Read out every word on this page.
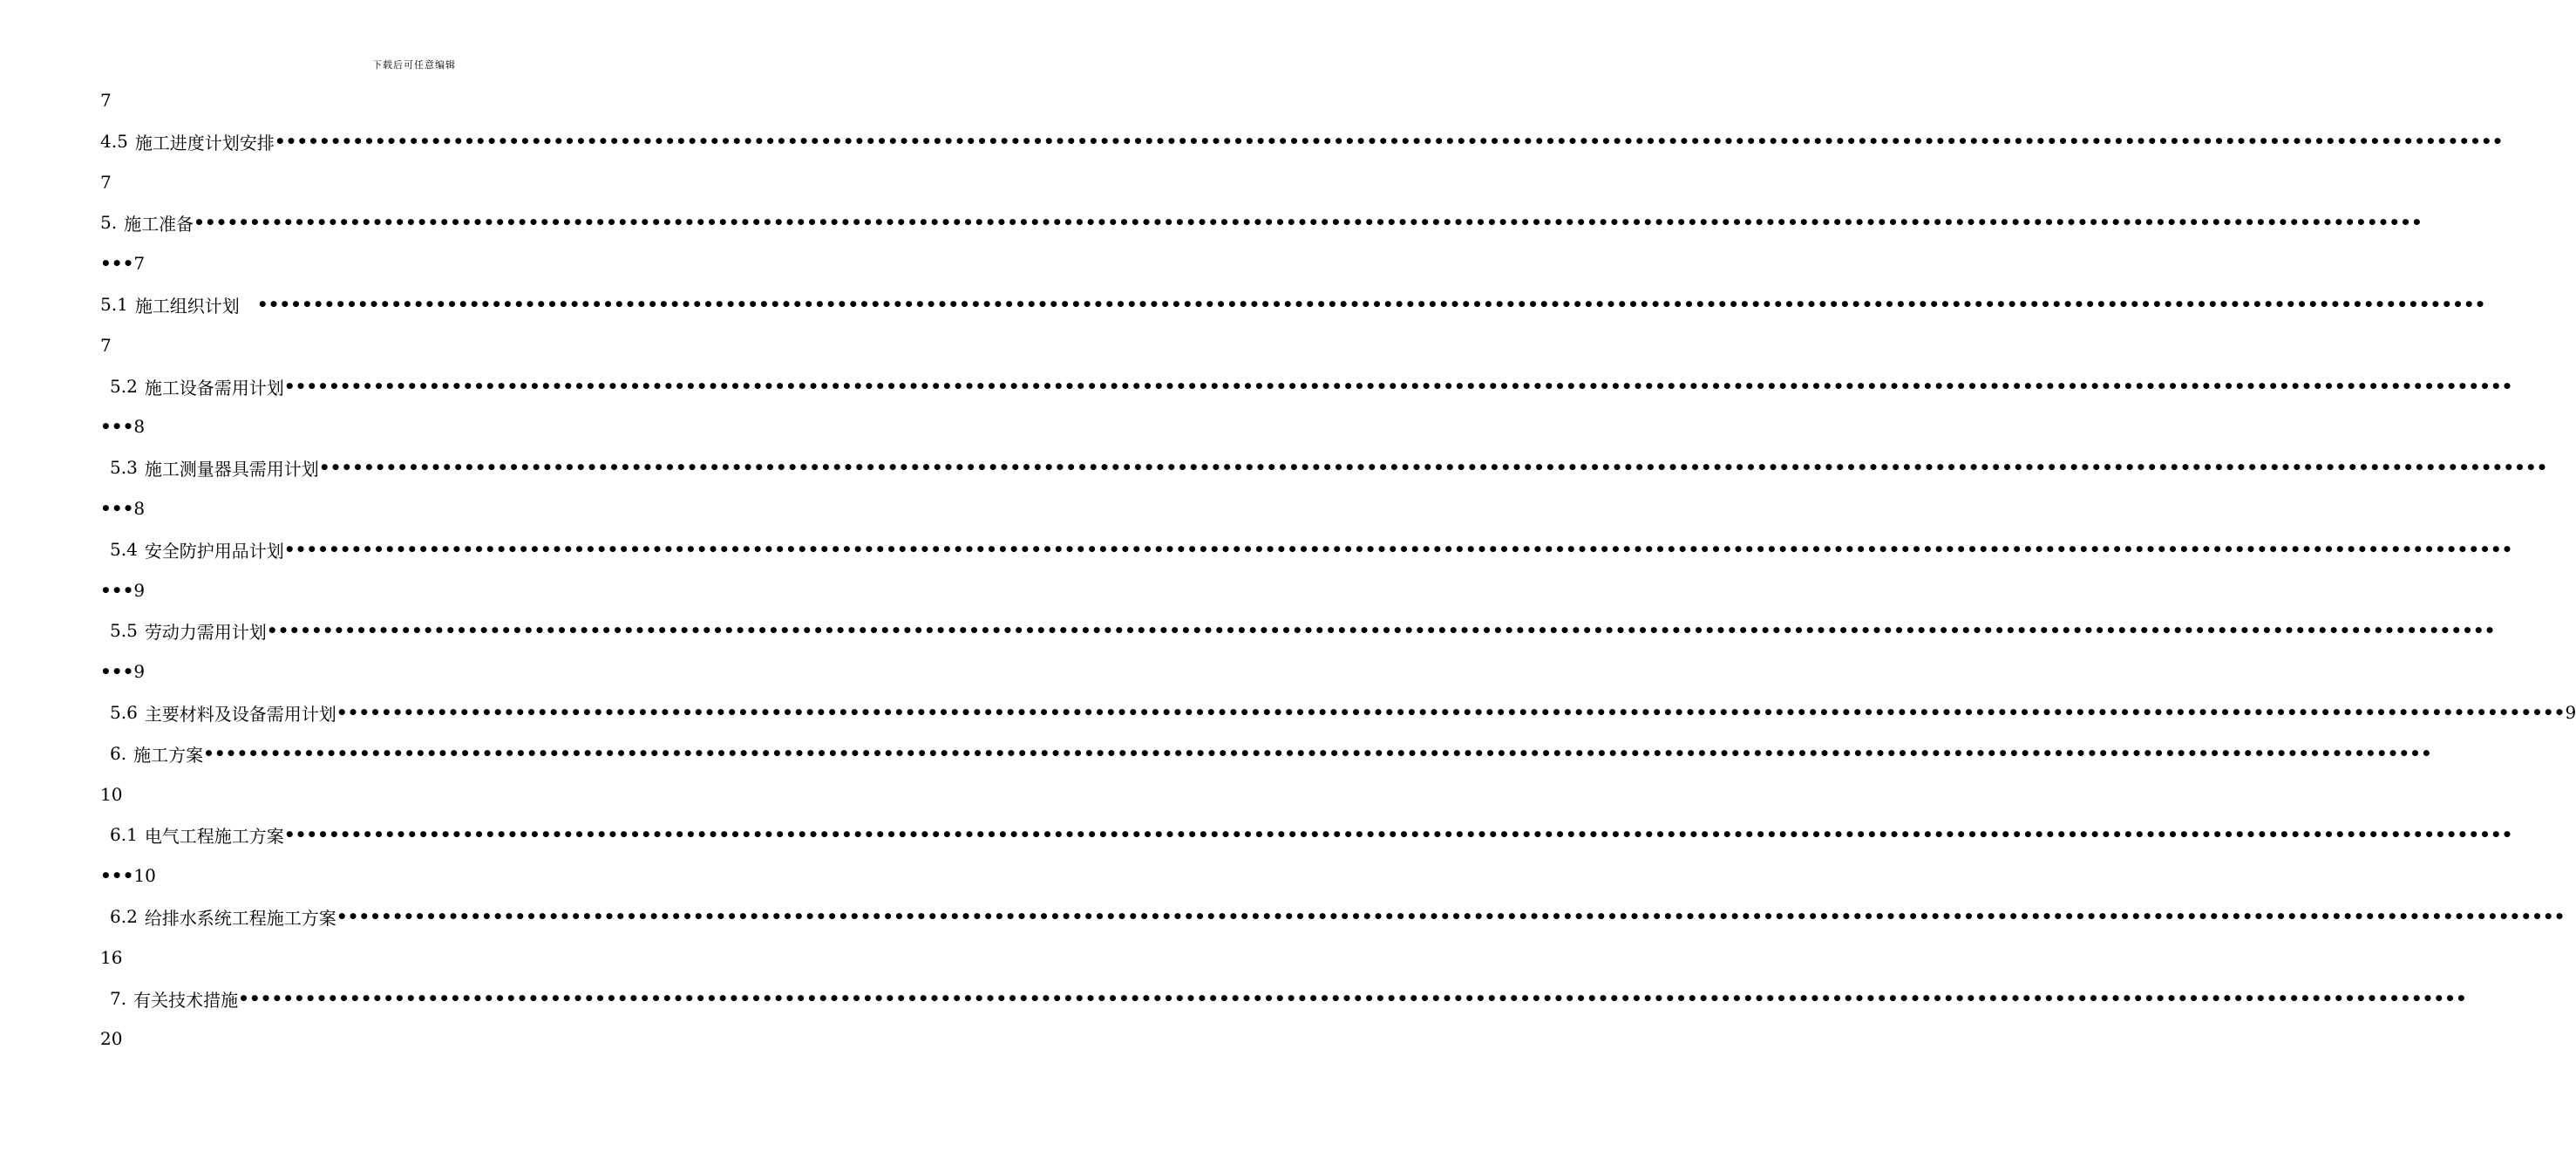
下载后可任意编辑
7
4.5 施工进度计划安排 ••••••••••••••••••••••••••••••••••••••••••••••••••••••••••••••••••••••••••••••••••••••••••••••••••••••••••••••••••••••••••••••••••••••••••••••••••••••••••••••••••••••••••••••••••••••••••••••••••••••••
7
5. 施工准备 ••••••••••••••••••••••••••••••••••••••••••••••••••••••••••••••••••••••••••••••••••••••••••••••••••••••••••••••••••••••••••••••••••••••••••••••••••••••••••••••••••••••••••••••••••••••••••••••••••••••••
••• 7
5.1 施工组织计划　 ••••••••••••••••••••••••••••••••••••••••••••••••••••••••••••••••••••••••••••••••••••••••••••••••••••••••••••••••••••••••••••••••••••••••••••••••••••••••••••••••••••••••••••••••••••••••••••••••••••••••
7
5.2 施工设备需用计划 ••••••••••••••••••••••••••••••••••••••••••••••••••••••••••••••••••••••••••••••••••••••••••••••••••••••••••••••••••••••••••••••••••••••••••••••••••••••••••••••••••••••••••••••••••••••••••••••••••••••••
••• 8
5.3 施工测量器具需用计划 ••••••••••••••••••••••••••••••••••••••••••••••••••••••••••••••••••••••••••••••••••••••••••••••••••••••••••••••••••••••••••••••••••••••••••••••••••••••••••••••••••••••••••••••••••••••••••••••••••••••••
••• 8
5.4 安全防护用品计划 ••••••••••••••••••••••••••••••••••••••••••••••••••••••••••••••••••••••••••••••••••••••••••••••••••••••••••••••••••••••••••••••••••••••••••••••••••••••••••••••••••••••••••••••••••••••••••••••••••••••••
••• 9
5.5 劳动力需用计划 ••••••••••••••••••••••••••••••••••••••••••••••••••••••••••••••••••••••••••••••••••••••••••••••••••••••••••••••••••••••••••••••••••••••••••••••••••••••••••••••••••••••••••••••••••••••••••••••••••••••••
••• 9
5.6 主要材料及设备需用计划 •••••••••••••••••••••••••••••••••••••••••••••••••••••••••••••••••••••••••••••••••••••••••••••••••••••••••••••••••••••••••••••••••••••••••••••••••••••••••••••••••••••••••••••••••••••••••••••••••••••••• 9
6. 施工方案 ••••••••••••••••••••••••••••••••••••••••••••••••••••••••••••••••••••••••••••••••••••••••••••••••••••••••••••••••••••••••••••••••••••••••••••••••••••••••••••••••••••••••••••••••••••••••••••••••••••••••
10
6.1 电气工程施工方案 ••••••••••••••••••••••••••••••••••••••••••••••••••••••••••••••••••••••••••••••••••••••••••••••••••••••••••••••••••••••••••••••••••••••••••••••••••••••••••••••••••••••••••••••••••••••••••••••••••••••••
••• 10
6.2 给排水系统工程施工方案 ••••••••••••••••••••••••••••••••••••••••••••••••••••••••••••••••••••••••••••••••••••••••••••••••••••••••••••••••••••••••••••••••••••••••••••••••••••••••••••••••••••••••••••••••••••••••••••••••••••••••
16
7. 有关技术措施 ••••••••••••••••••••••••••••••••••••••••••••••••••••••••••••••••••••••••••••••••••••••••••••••••••••••••••••••••••••••••••••••••••••••••••••••••••••••••••••••••••••••••••••••••••••••••••••••••••••••••
20
